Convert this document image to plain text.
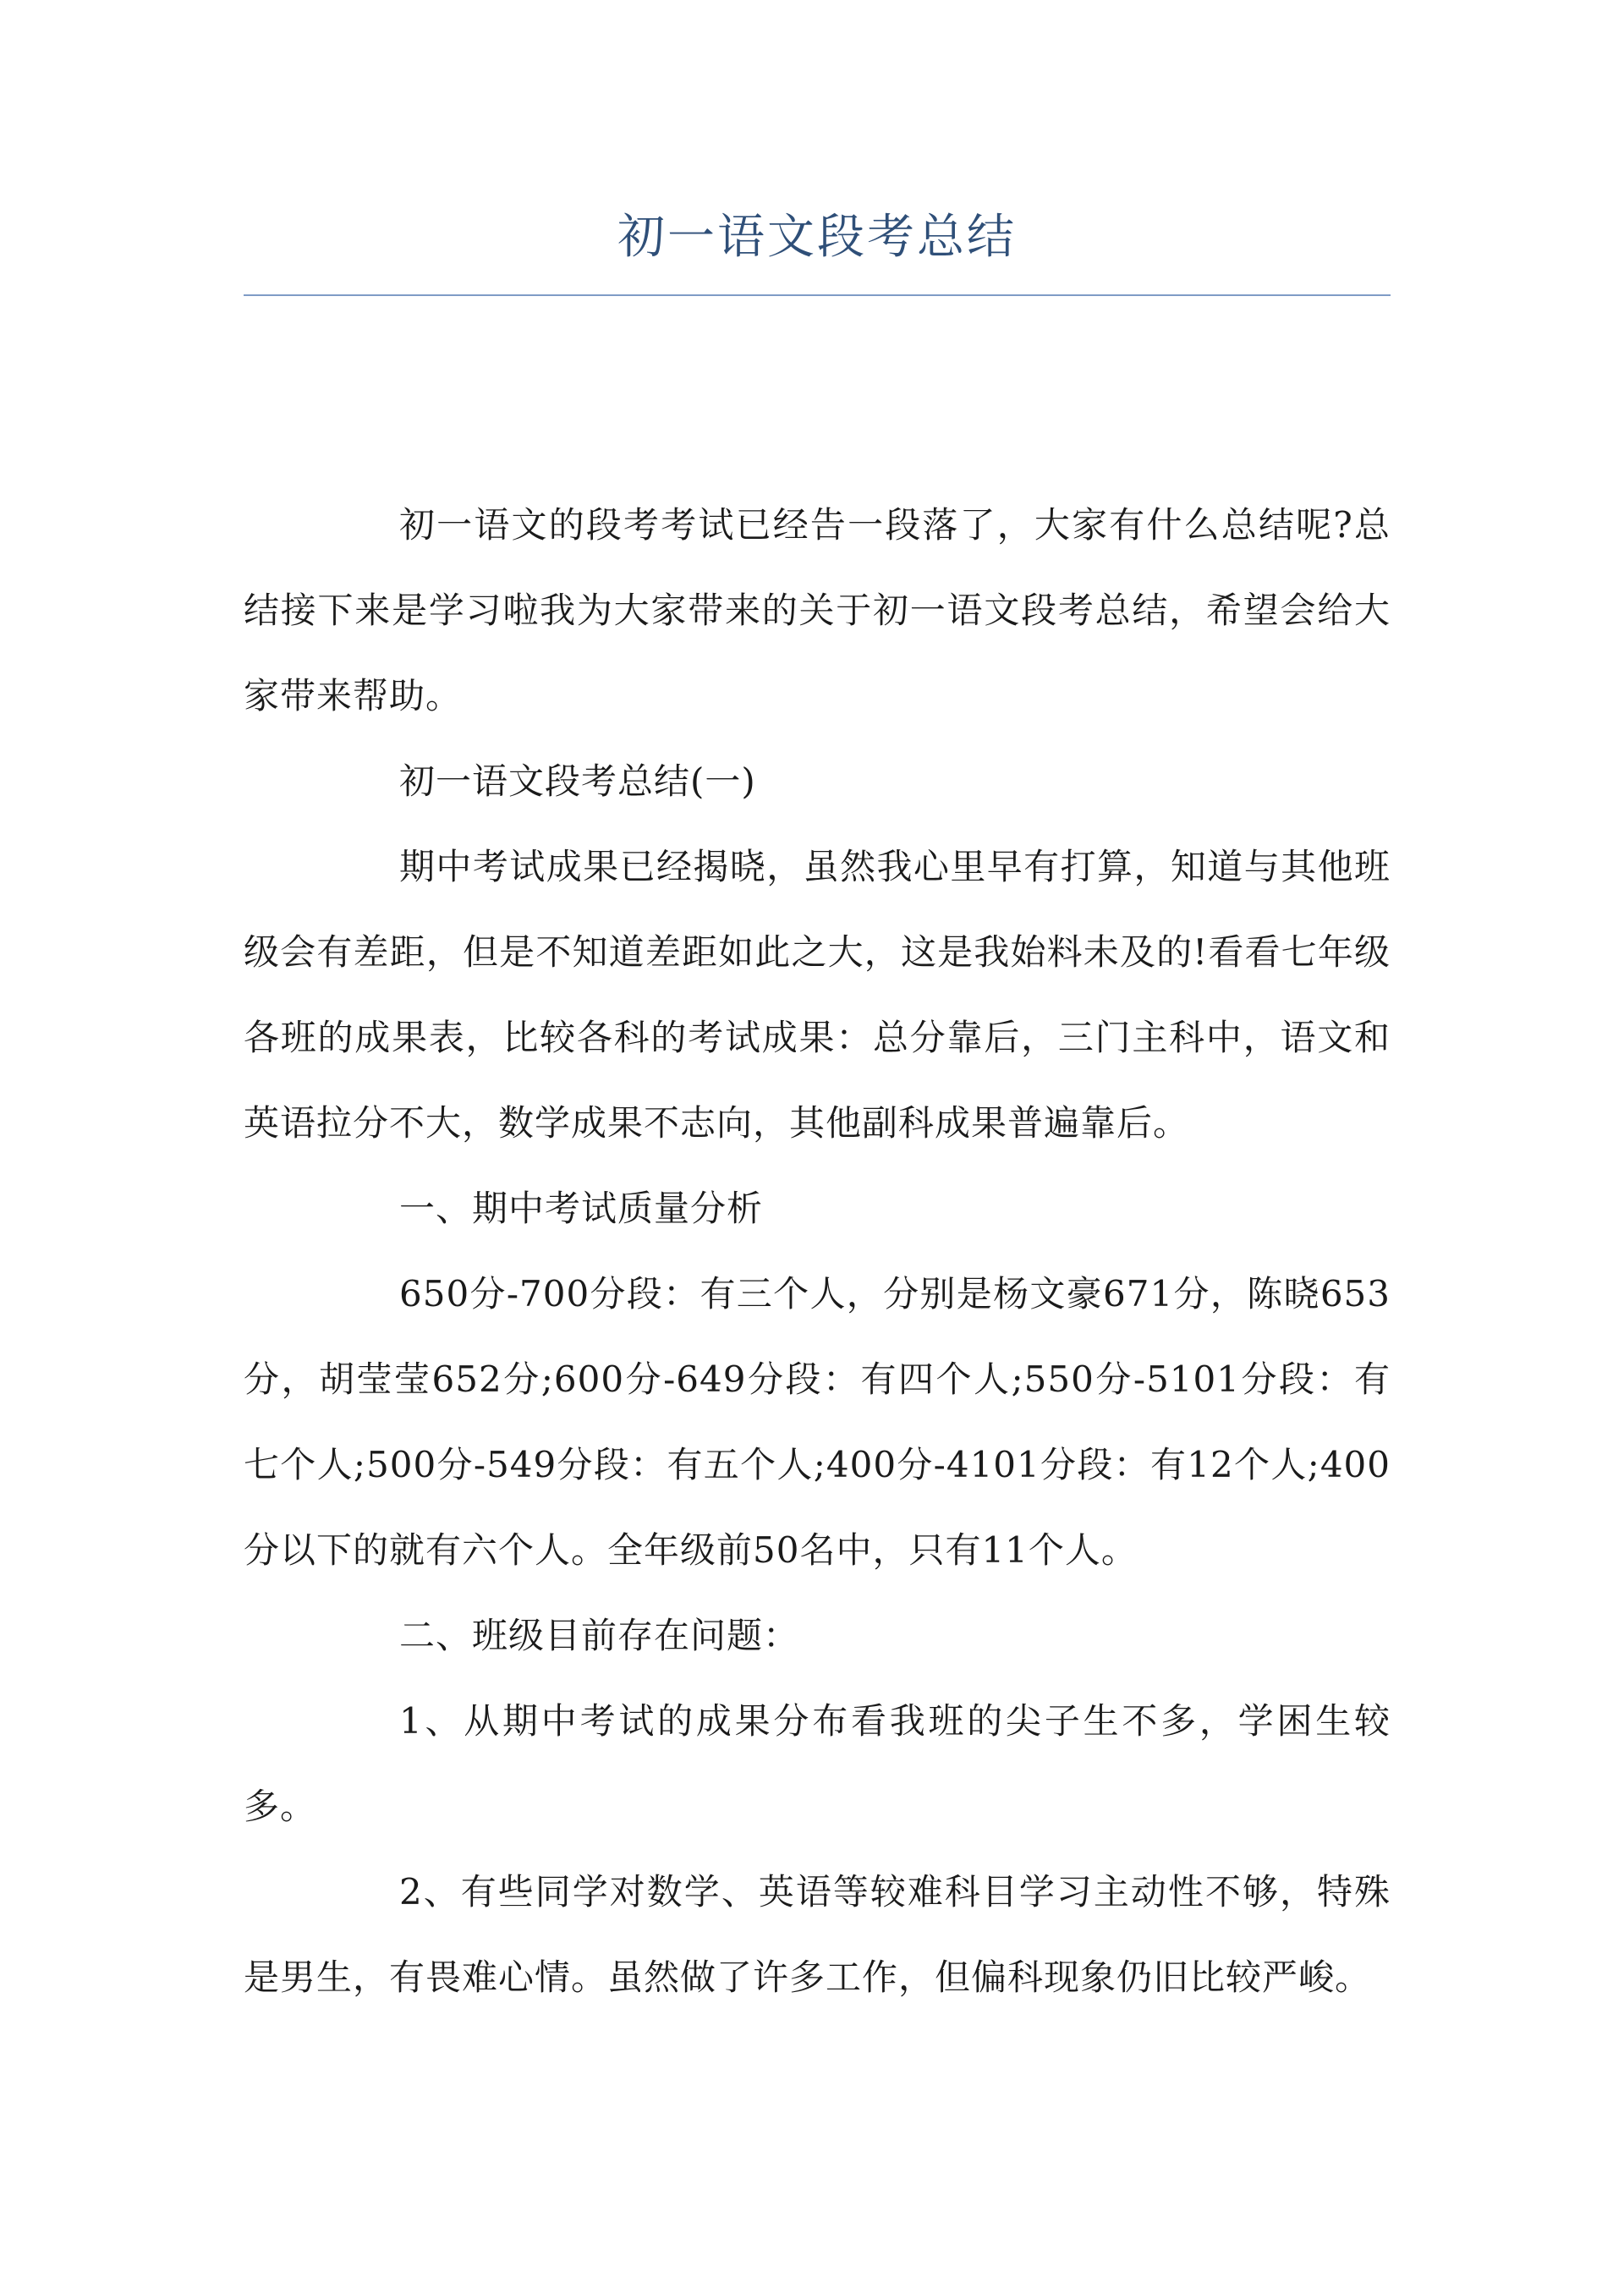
初一语文段考总结

初一语文的段考考试已经告一段落了，大家有什么总结呢?总结接下来是学习啦我为大家带来的关于初一语文段考总结，希望会给大家带来帮助。

初一语文段考总结(一)

期中考试成果已经揭晓，虽然我心里早有打算，知道与其他班级会有差距，但是不知道差距如此之大，这是我始料未及的!看看七年级各班的成果表，比较各科的考试成果：总分靠后，三门主科中，语文和英语拉分不大，数学成果不志向，其他副科成果普遍靠后。

一、期中考试质量分析

650分-700分段：有三个人，分别是杨文豪671分，陈晓653分，胡莹莹652分;600分-649分段：有四个人;550分-5101分段：有七个人;500分-549分段：有五个人;400分-4101分段：有12个人;400分以下的就有六个人。全年级前50名中，只有11个人。

二、班级目前存在问题：

1、从期中考试的成果分布看我班的尖子生不多，学困生较多。

2、有些同学对数学、英语等较难科目学习主动性不够，特殊是男生，有畏难心情。虽然做了许多工作，但偏科现象仍旧比较严峻。
